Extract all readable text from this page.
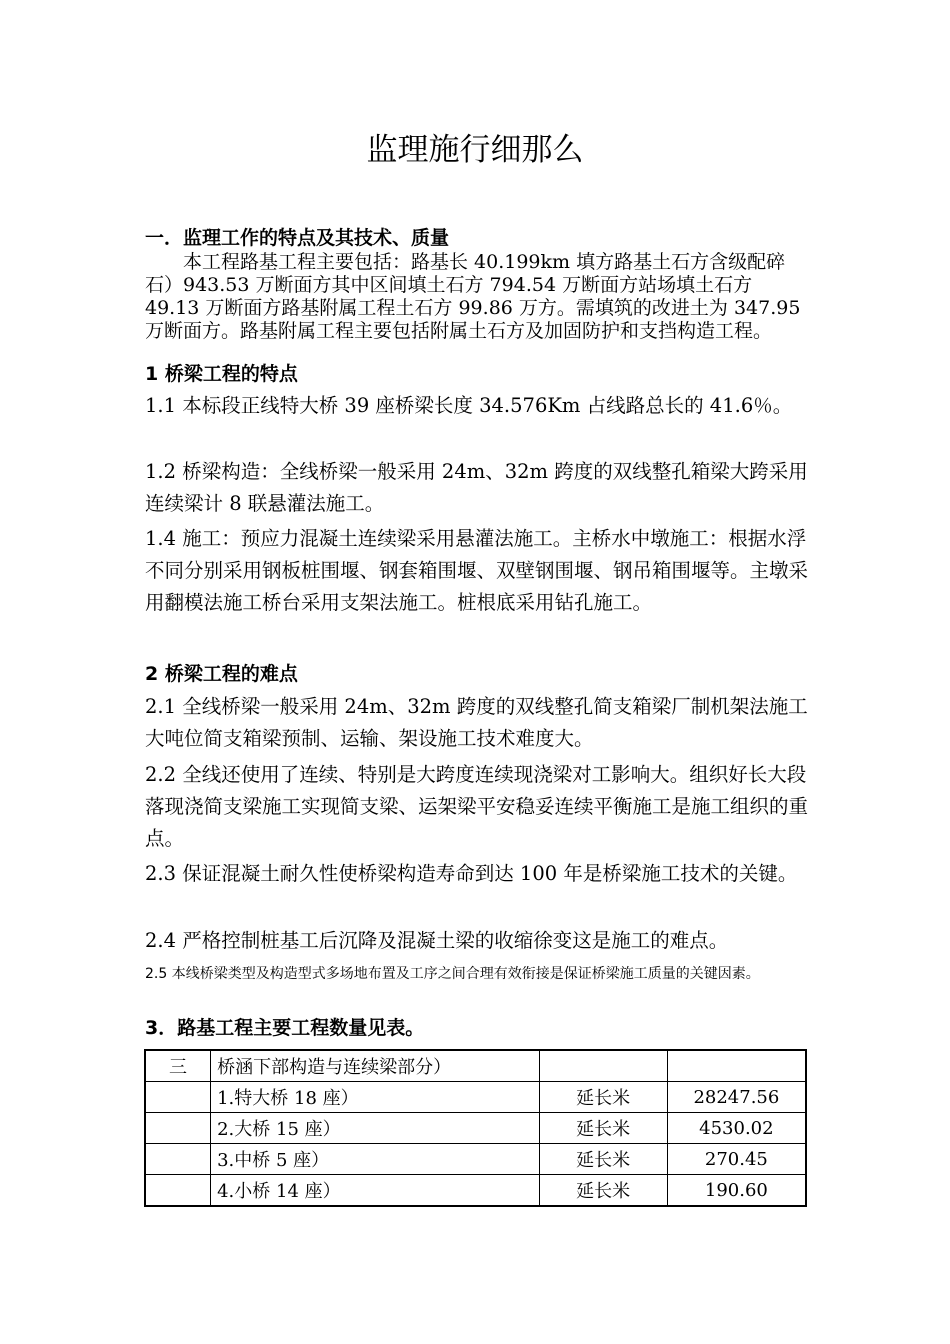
监理施行细那么
一．监理工作的特点及其技术、质量

本工程路基工程主要包括：路基长 40.199km 填方路基土石方含级配碎石）943.53 万断面方其中区间填土石方 794.54 万断面方站场填土石方 49.13 万断面方路基附属工程土石方 99.86 万方。需填筑的改进土为 347.95 万断面方。路基附属工程主要包括附属土石方及加固防护和支挡构造工程。

1 桥梁工程的特点

1.1 本标段正线特大桥 39 座桥梁长度 34.576Km 占线路总长的 41.6％。

1.2 桥梁构造：全线桥梁一般采用 24m、32m 跨度的双线整孔箱梁大跨采用连续梁计 8 联悬灌法施工。

1.4 施工：预应力混凝土连续梁采用悬灌法施工。主桥水中墩施工：根据水浮不同分别采用钢板桩围堰、钢套箱围堰、双壁钢围堰、钢吊箱围堰等。主墩采用翻模法施工桥台采用支架法施工。桩根底采用钻孔施工。

2 桥梁工程的难点

2.1 全线桥梁一般采用 24m、32m 跨度的双线整孔简支箱梁厂制机架法施工大吨位简支箱梁预制、运输、架设施工技术难度大。

2.2 全线还使用了连续、特别是大跨度连续现浇梁对工影响大。组织好长大段落现浇简支梁施工实现简支梁、运架梁平安稳妥连续平衡施工是施工组织的重点。

2.3 保证混凝土耐久性使桥梁构造寿命到达 100 年是桥梁施工技术的关键。

2.4 严格控制桩基工后沉降及混凝土梁的收缩徐变这是施工的难点。

2.5 本线桥梁类型及构造型式多场地布置及工序之间合理有效衔接是保证桥梁施工质量的关键因素。

3．路基工程主要工程数量见表。
三	桥涵下部构造与连续梁部分）		
	1.特大桥 18 座）	延长米	28247.56
	2.大桥 15 座）	延长米	4530.02
	3.中桥 5 座）	延长米	270.45
	4.小桥 14 座）	延长米	190.60
